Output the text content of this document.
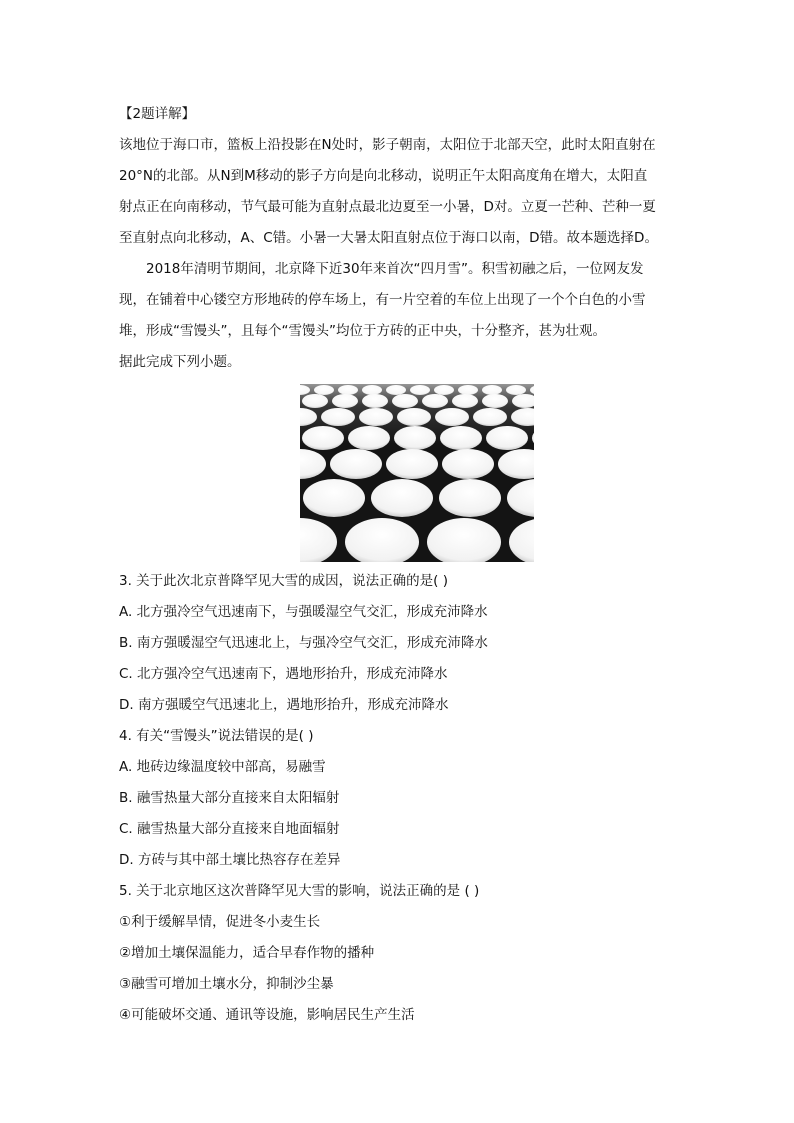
【2题详解】
该地位于海口市，篮板上沿投影在N处时，影子朝南，太阳位于北部天空，此时太阳直射在
20°N的北部。从N到M移动的影子方向是向北移动，说明正午太阳高度角在增大，太阳直
射点正在向南移动，节气最可能为直射点最北边夏至一小暑，D对。立夏一芒种、芒种一夏
至直射点向北移动，A、C错。小暑一大暑太阳直射点位于海口以南，D错。故本题选择D。
2018年清明节期间，北京降下近30年来首次“四月雪”。积雪初融之后，一位网友发
现，在铺着中心镂空方形地砖的停车场上，有一片空着的车位上出现了一个个白色的小雪
堆，形成“雪馒头”，且每个“雪馒头”均位于方砖的正中央，十分整齐，甚为壮观。
据此完成下列小题。
3. 关于此次北京普降罕见大雪的成因，说法正确的是( )
A. 北方强冷空气迅速南下，与强暖湿空气交汇，形成充沛降水
B. 南方强暖湿空气迅速北上，与强冷空气交汇，形成充沛降水
C. 北方强冷空气迅速南下，遇地形抬升，形成充沛降水
D. 南方强暖空气迅速北上，遇地形抬升，形成充沛降水
4. 有关“雪馒头”说法错误的是( )
A. 地砖边缘温度较中部高，易融雪
B. 融雪热量大部分直接来自太阳辐射
C. 融雪热量大部分直接来自地面辐射
D. 方砖与其中部土壤比热容存在差异
5. 关于北京地区这次普降罕见大雪的影响，说法正确的是 ( )
①利于缓解旱情，促进冬小麦生长
②增加土壤保温能力，适合早春作物的播种
③融雪可增加土壤水分，抑制沙尘暴
④可能破坏交通、通讯等设施，影响居民生产生活
